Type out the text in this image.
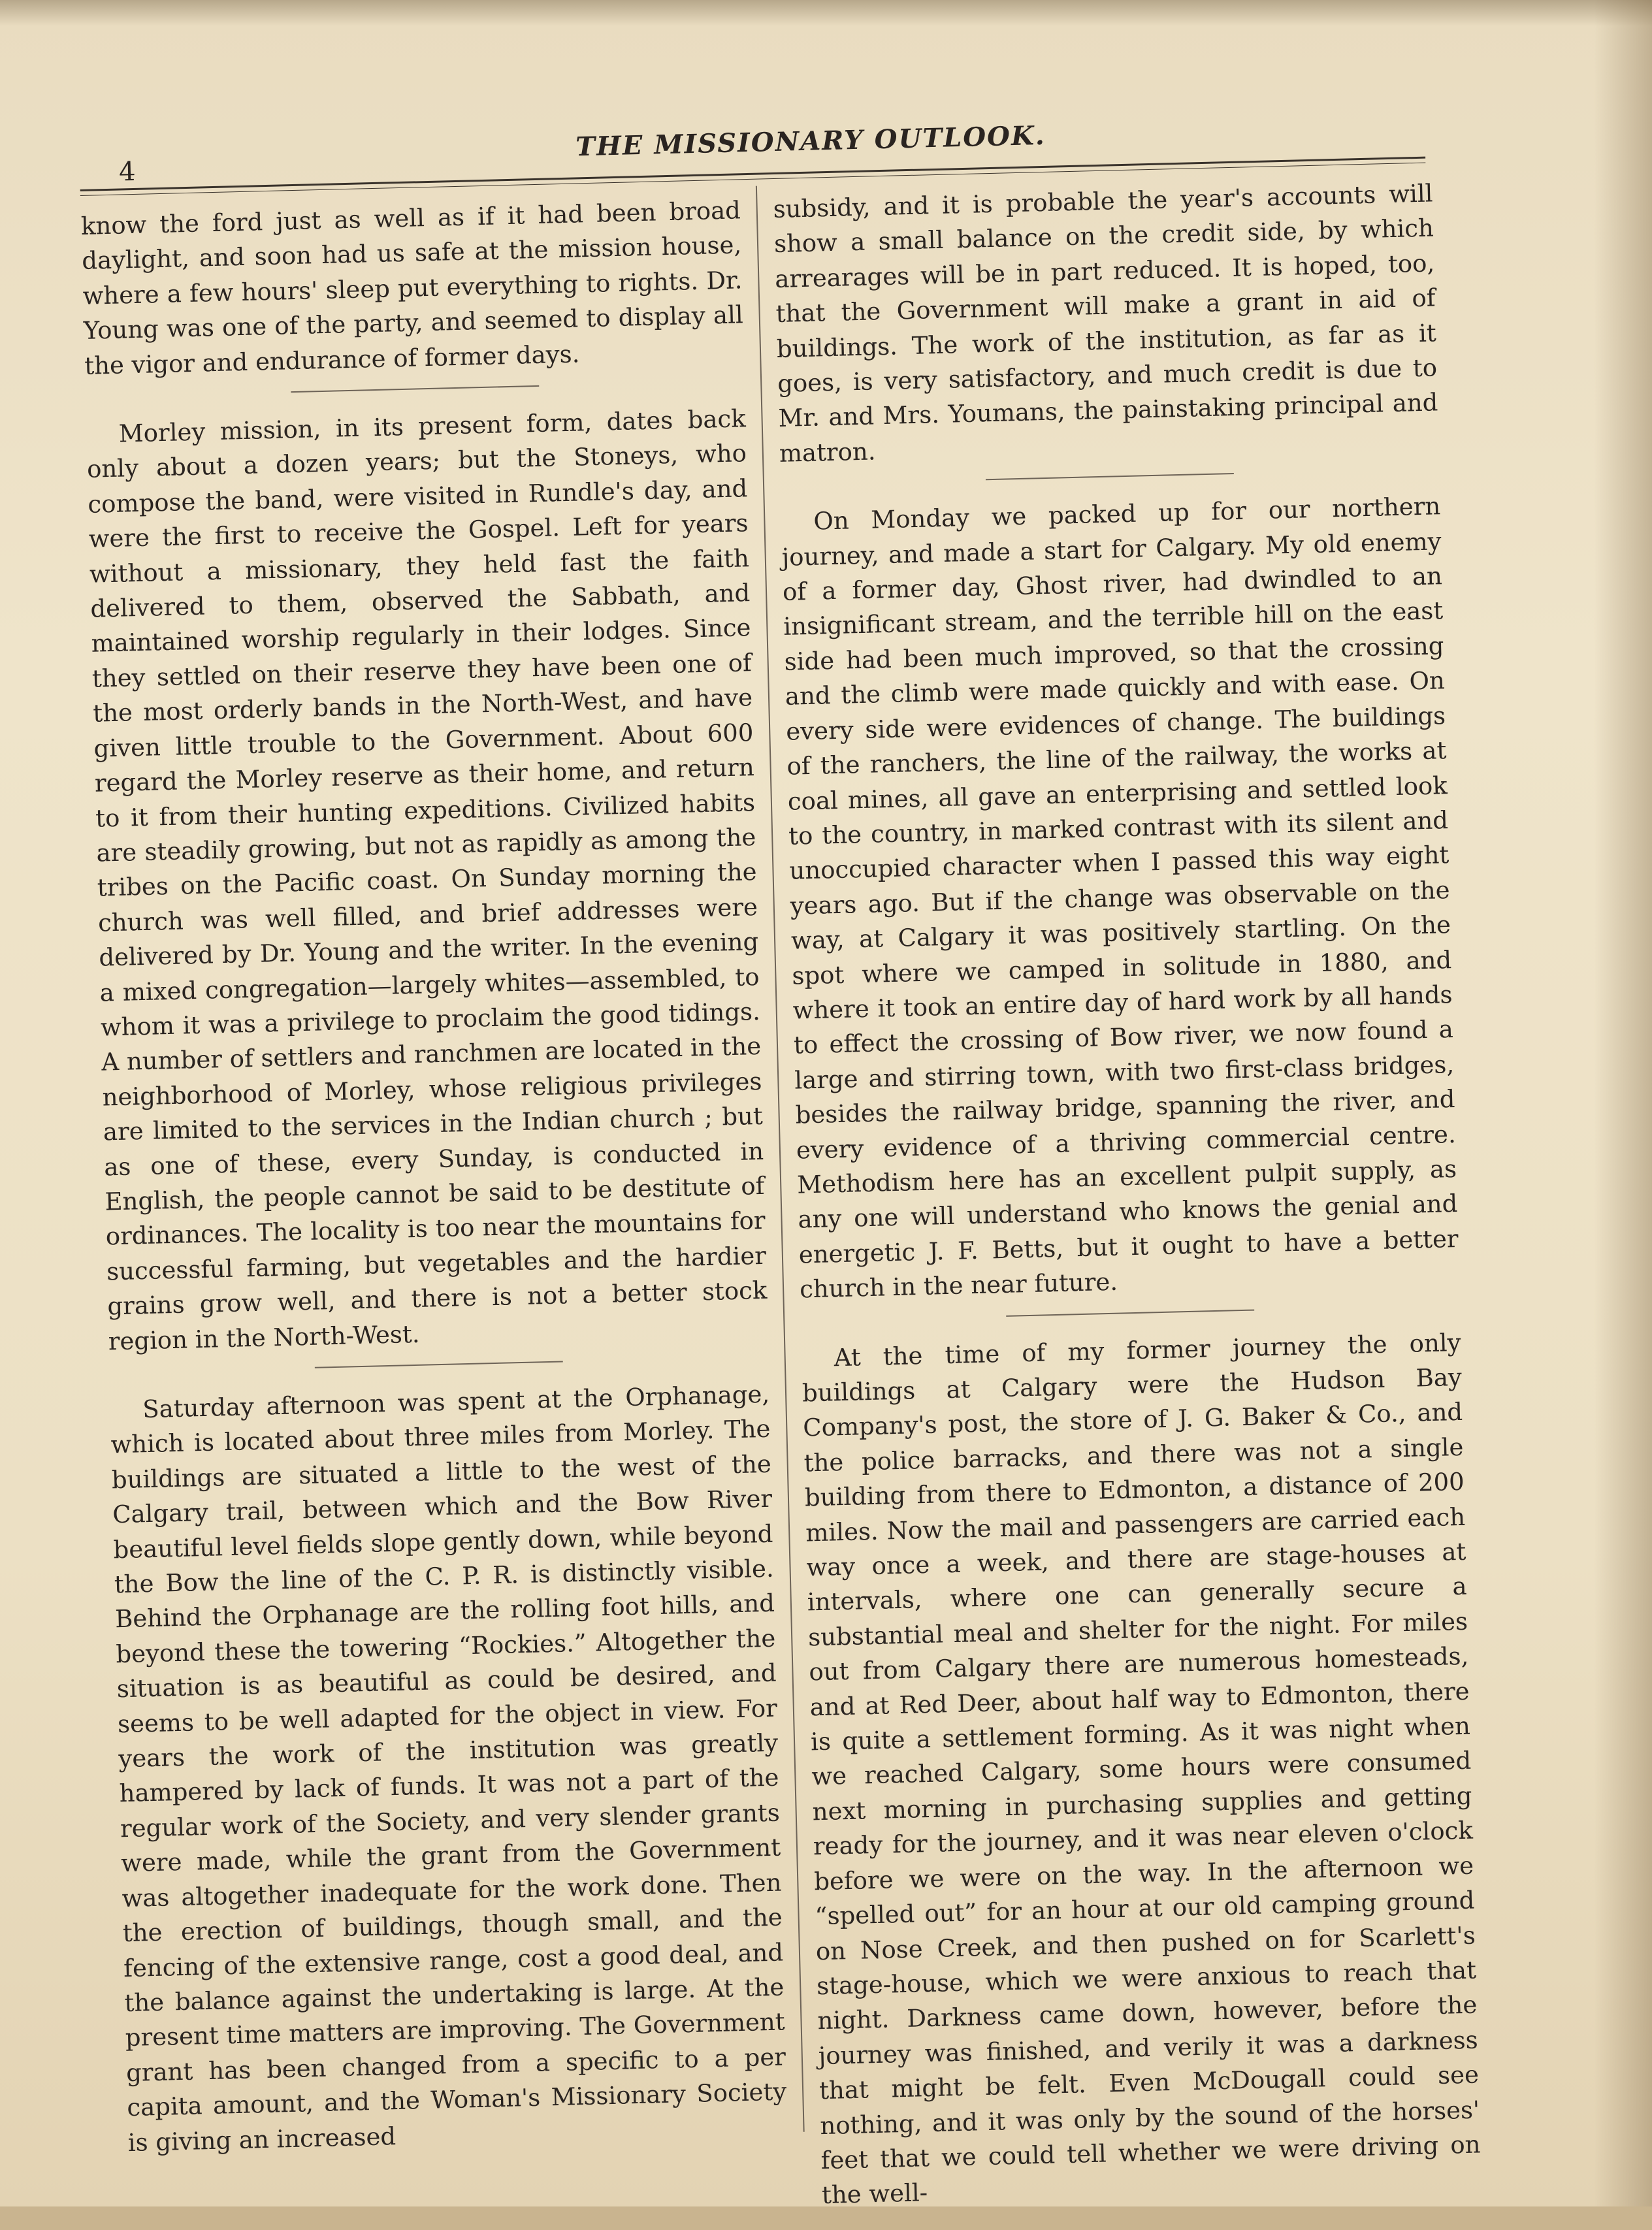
4
THE MISSIONARY OUTLOOK.

know the ford just as well as if it had been broad daylight, and soon had us safe at the mission house, where a few hours' sleep put everything to rights. Dr. Young was one of the party, and seemed to display all the vigor and endurance of former days.

Morley mission, in its present form, dates back only about a dozen years; but the Stoneys, who compose the band, were visited in Rundle's day, and were the first to receive the Gospel. Left for years without a missionary, they held fast the faith delivered to them, observed the Sabbath, and maintained worship regularly in their lodges. Since they settled on their reserve they have been one of the most orderly bands in the North-West, and have given little trouble to the Government. About 600 regard the Morley reserve as their home, and return to it from their hunting expeditions. Civilized habits are steadily growing, but not as rapidly as among the tribes on the Pacific coast. On Sunday morning the church was well filled, and brief addresses were delivered by Dr. Young and the writer. In the evening a mixed congregation—largely whites—assembled, to whom it was a privilege to proclaim the good tidings. A number of settlers and ranchmen are located in the neighborhood of Morley, whose religious privileges are limited to the services in the Indian church ; but as one of these, every Sunday, is conducted in English, the people cannot be said to be destitute of ordinances. The locality is too near the mountains for successful farming, but vegetables and the hardier grains grow well, and there is not a better stock region in the North-West.

Saturday afternoon was spent at the Orphanage, which is located about three miles from Morley. The buildings are situated a little to the west of the Calgary trail, between which and the Bow River beautiful level fields slope gently down, while beyond the Bow the line of the C. P. R. is distinctly visible. Behind the Orphanage are the rolling foot hills, and beyond these the towering “Rockies.” Altogether the situation is as beautiful as could be desired, and seems to be well adapted for the object in view. For years the work of the institution was greatly hampered by lack of funds. It was not a part of the regular work of the Society, and very slender grants were made, while the grant from the Government was altogether inadequate for the work done. Then the erection of buildings, though small, and the fencing of the extensive range, cost a good deal, and the balance against the undertaking is large. At the present time matters are improving. The Government grant has been changed from a specific to a per capita amount, and the Woman's Missionary Society is giving an increased

subsidy, and it is probable the year's accounts will show a small balance on the credit side, by which arrearages will be in part reduced. It is hoped, too, that the Government will make a grant in aid of buildings. The work of the institution, as far as it goes, is very satisfactory, and much credit is due to Mr. and Mrs. Youmans, the painstaking principal and matron.

On Monday we packed up for our northern journey, and made a start for Calgary. My old enemy of a former day, Ghost river, had dwindled to an insignificant stream, and the terrible hill on the east side had been much improved, so that the crossing and the climb were made quickly and with ease. On every side were evidences of change. The buildings of the ranchers, the line of the railway, the works at coal mines, all gave an enterprising and settled look to the country, in marked contrast with its silent and unoccupied character when I passed this way eight years ago. But if the change was observable on the way, at Calgary it was positively startling. On the spot where we camped in solitude in 1880, and where it took an entire day of hard work by all hands to effect the crossing of Bow river, we now found a large and stirring town, with two first-class bridges, besides the railway bridge, spanning the river, and every evidence of a thriving commercial centre. Methodism here has an excellent pulpit supply, as any one will understand who knows the genial and energetic J. F. Betts, but it ought to have a better church in the near future.

At the time of my former journey the only buildings at Calgary were the Hudson Bay Company's post, the store of J. G. Baker & Co., and the police barracks, and there was not a single building from there to Edmonton, a distance of 200 miles. Now the mail and passengers are carried each way once a week, and there are stage-houses at intervals, where one can generally secure a substantial meal and shelter for the night. For miles out from Calgary there are numerous homesteads, and at Red Deer, about half way to Edmonton, there is quite a settlement forming. As it was night when we reached Calgary, some hours were consumed next morning in purchasing supplies and getting ready for the journey, and it was near eleven o'clock before we were on the way. In the afternoon we “spelled out” for an hour at our old camping ground on Nose Creek, and then pushed on for Scarlett's stage-house, which we were anxious to reach that night. Darkness came down, however, before the journey was finished, and verily it was a darkness that might be felt. Even McDougall could see nothing, and it was only by the sound of the horses' feet that we could tell whether we were driving on the well-
